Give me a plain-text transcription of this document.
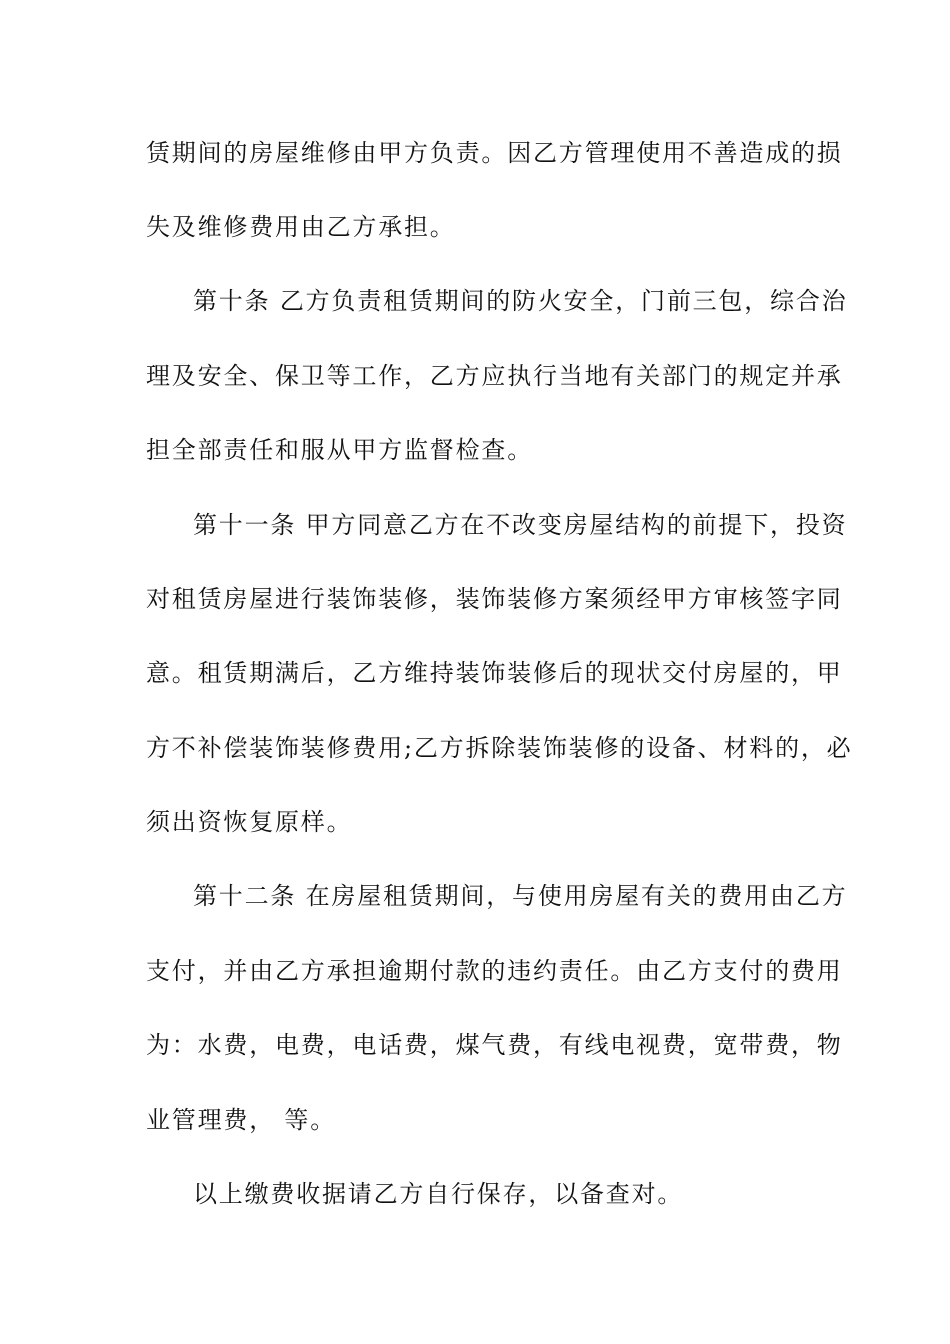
赁期间的房屋维修由甲方负责。因乙方管理使用不善造成的损
失及维修费用由乙方承担。
第十条 乙方负责租赁期间的防火安全，门前三包，综合治
理及安全、保卫等工作，乙方应执行当地有关部门的规定并承
担全部责任和服从甲方监督检查。
第十一条 甲方同意乙方在不改变房屋结构的前提下，投资
对租赁房屋进行装饰装修，装饰装修方案须经甲方审核签字同
意。租赁期满后，乙方维持装饰装修后的现状交付房屋的，甲
方不补偿装饰装修费用;乙方拆除装饰装修的设备、材料的，必
须出资恢复原样。
第十二条 在房屋租赁期间，与使用房屋有关的费用由乙方
支付，并由乙方承担逾期付款的违约责任。由乙方支付的费用
为：水费，电费，电话费，煤气费，有线电视费，宽带费，物
业管理费， 等。
以上缴费收据请乙方自行保存，以备查对。
